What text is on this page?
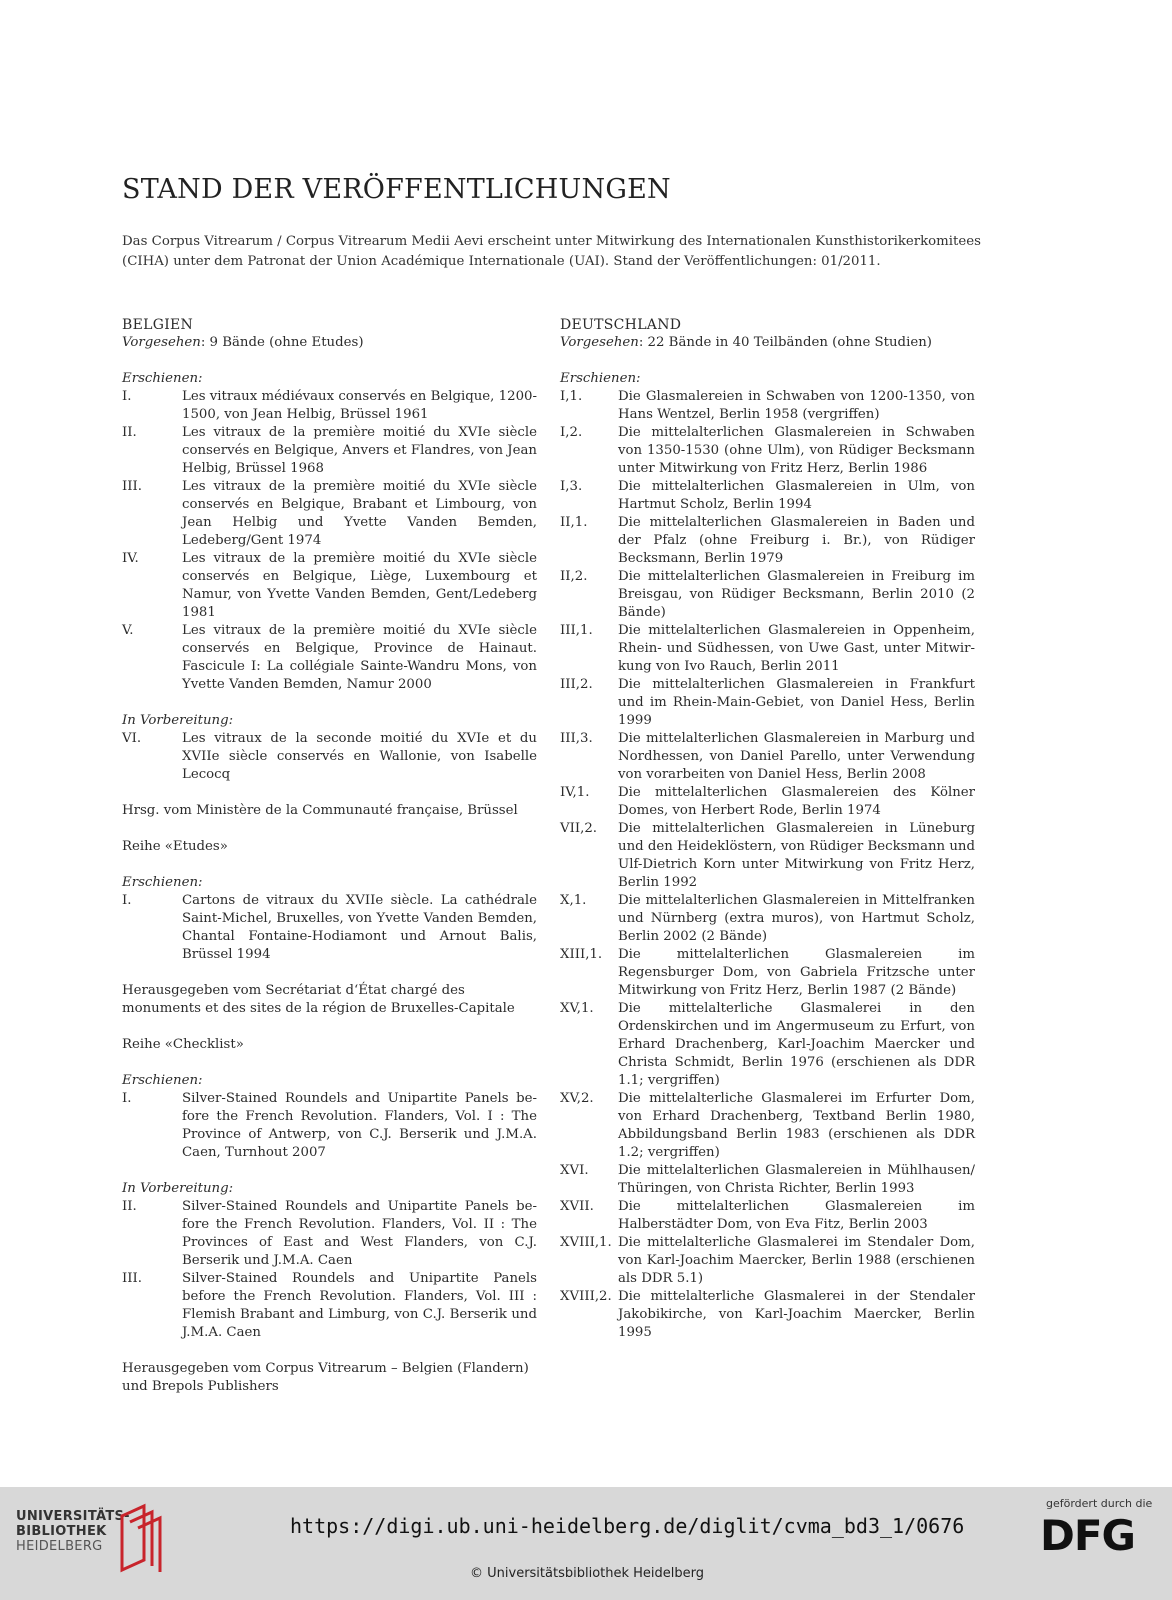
STAND DER VERÖFFENTLICHUNGEN

Das Corpus Vitrearum / Corpus Vitrearum Medii Aevi erscheint unter Mitwirkung des Internationalen Kunsthistorikerkomitees (CIHA) unter dem Patronat der Union Académique Internationale (UAI). Stand der Veröffentlichungen: 01/2011.

BELGIEN
Vorgesehen: 9 Bände (ohne Etudes)
Erschienen:
I.	Les vitraux médiévaux conservés en Belgique, 1200-1500, von Jean Helbig, Brüssel 1961
II.	Les vitraux de la première moitié du XVIe siècle conservés en Belgique, Anvers et Flandres, von Jean Helbig, Brüssel 1968
III.	Les vitraux de la première moitié du XVIe siècle conservés en Belgique, Brabant et Limbourg, von Jean Helbig und Yvette Vanden Bemden, Ledeberg/Gent 1974
IV.	Les vitraux de la première moitié du XVIe siècle conservés en Belgique, Liège, Luxembourg et Namur, von Yvette Vanden Bemden, Gent/Ledeberg 1981
V.	Les vitraux de la première moitié du XVIe siècle conservés en Belgique, Province de Hainaut. Fascicule I: La collégiale Sainte-Wandru Mons, von Yvette Vanden Bemden, Namur 2000
In Vorbereitung:
VI.	Les vitraux de la seconde moitié du XVIe et du XVIIe siècle conservés en Wallonie, von Isabelle Lecocq
Hrsg. vom Ministère de la Communauté française, Brüssel
Reihe «Etudes»
Erschienen:
I.	Cartons de vitraux du XVIIe siècle. La cathédrale Saint-Michel, Bruxelles, von Yvette Vanden Bemden, Chantal Fontaine-Hodiamont und Arnout Balis, Brüssel 1994
Herausgegeben vom Secrétariat d‘État chargé des monuments et des sites de la région de Bruxelles-Capitale
Reihe «Checklist»
Erschienen:
I.	Silver-Stained Roundels and Unipartite Panels be-fore the French Revolution. Flanders, Vol. I : The Province of Antwerp, von C.J. Berserik und J.M.A. Caen, Turnhout 2007
In Vorbereitung:
II.	Silver-Stained Roundels and Unipartite Panels be-fore the French Revolution. Flanders, Vol. II : The Provinces of East and West Flanders, von C.J. Berserik und J.M.A. Caen
III.	Silver-Stained Roundels and Unipartite Panels before the French Revolution. Flanders, Vol. III : Flemish Brabant and Limburg, von C.J. Berserik und J.M.A. Caen
Herausgegeben vom Corpus Vitrearum – Belgien (Flandern) und Brepols Publishers
DEUTSCHLAND
Vorgesehen: 22 Bände in 40 Teilbänden (ohne Studien)
Erschienen:
I,1.	Die Glasmalereien in Schwaben von 1200-1350, von Hans Wentzel, Berlin 1958 (vergriffen)
I,2.	Die mittelalterlichen Glasmalereien in Schwaben von 1350-1530 (ohne Ulm), von Rüdiger Becksmann unter Mitwirkung von Fritz Herz, Berlin 1986
I,3.	Die mittelalterlichen Glasmalereien in Ulm, von Hartmut Scholz, Berlin 1994
II,1.	Die mittelalterlichen Glasmalereien in Baden und der Pfalz (ohne Freiburg i. Br.), von Rüdiger Becksmann, Berlin 1979
II,2.	Die mittelalterlichen Glasmalereien in Freiburg im Breisgau, von Rüdiger Becksmann, Berlin 2010 (2 Bände)
III,1.	Die mittelalterlichen Glasmalereien in Oppenheim, Rhein- und Südhessen, von Uwe Gast, unter Mitwir-kung von Ivo Rauch, Berlin 2011
III,2.	Die mittelalterlichen Glasmalereien in Frankfurt und im Rhein-Main-Gebiet, von Daniel Hess, Berlin 1999
III,3.	Die mittelalterlichen Glasmalereien in Marburg und Nordhessen, von Daniel Parello, unter Verwendung von vorarbeiten von Daniel Hess, Berlin 2008
IV,1.	Die mittelalterlichen Glasmalereien des Kölner Domes, von Herbert Rode, Berlin 1974
VII,2.	Die mittelalterlichen Glasmalereien in Lüneburg und den Heideklöstern, von Rüdiger Becksmann und Ulf-Dietrich Korn unter Mitwirkung von Fritz Herz, Berlin 1992
X,1.	Die mittelalterlichen Glasmalereien in Mittelfranken und Nürnberg (extra muros), von Hartmut Scholz, Berlin 2002 (2 Bände)
XIII,1.	Die mittelalterlichen Glasmalereien im Regensburger Dom, von Gabriela Fritzsche unter Mitwirkung von Fritz Herz, Berlin 1987 (2 Bände)
XV,1.	Die mittelalterliche Glasmalerei in den Ordenskirchen und im Angermuseum zu Erfurt, von Erhard Drachenberg, Karl-Joachim Maercker und Christa Schmidt, Berlin 1976 (erschienen als DDR 1.1; vergriffen)
XV,2.	Die mittelalterliche Glasmalerei im Erfurter Dom, von Erhard Drachenberg, Textband Berlin 1980, Abbildungsband Berlin 1983 (erschienen als DDR 1.2; vergriffen)
XVI.	Die mittelalterlichen Glasmalereien in Mühlhausen/ Thüringen, von Christa Richter, Berlin 1993
XVII.	Die mittelalterlichen Glasmalereien im Halberstädter Dom, von Eva Fitz, Berlin 2003
XVIII,1. Die mittelalterliche Glasmalerei im Stendaler Dom, von Karl-Joachim Maercker, Berlin 1988 (erschienen als DDR 5.1)
XVIII,2. Die mittelalterliche Glasmalerei in der Stendaler Jakobikirche, von Karl-Joachim Maercker, Berlin 1995
UNIVERSITÄTS-
BIBLIOTHEK
HEIDELBERG
https://digi.ub.uni-heidelberg.de/diglit/cvma_bd3_1/0676
© Universitätsbibliothek Heidelberg
gefördert durch die
DFG
